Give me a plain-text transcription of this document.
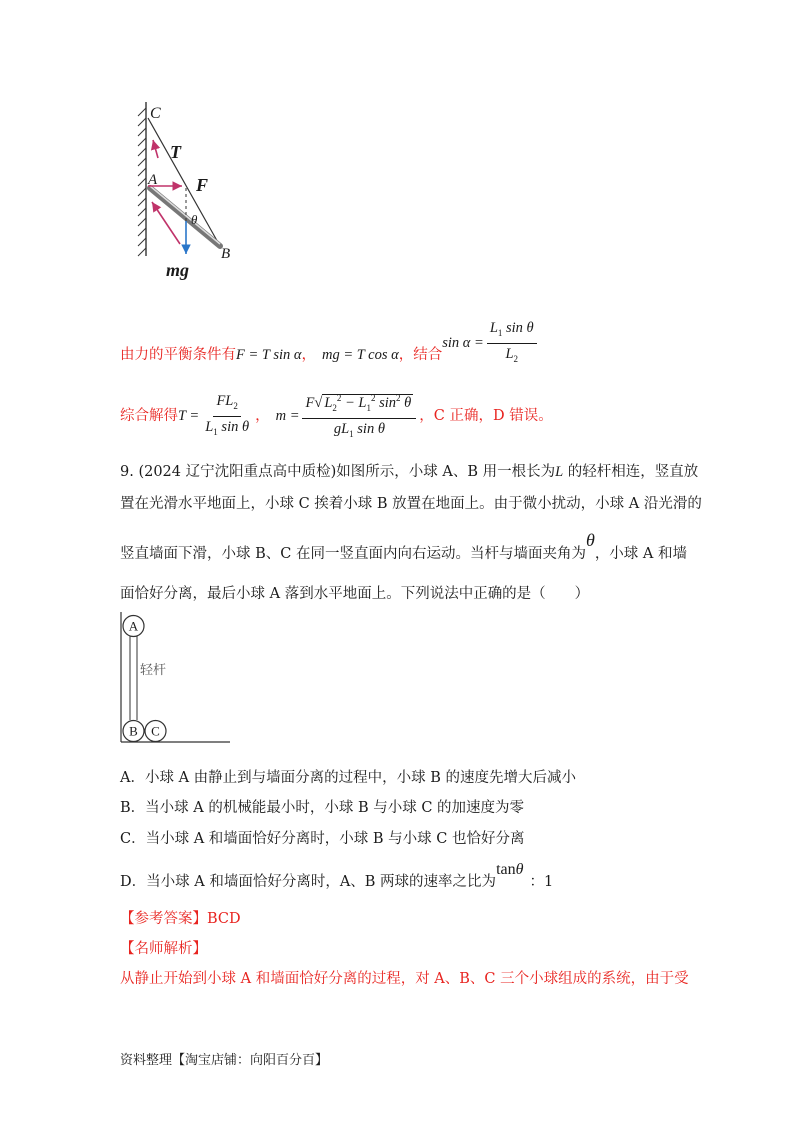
C
T
A F
θ
B
mg
由力的平衡条件有 F = T sin α ， mg = T cos α ，结合
$\sin \alpha = \frac{L_1 \sin \theta}{L_2}$
综合解得 $T = \frac{FL_2}{L_1 \sin \theta}$ ， $m = \frac{F√ L_2^2 - L_1^2 \sin^2 \theta}{gL_1 \sin \theta}$ ，C 正确，D 错误。
9. (2024 辽宁沈阳重点高中质检)如图所示，小球 A、B 用一根长为L 的轻杆相连，竖直放
置在光滑水平地面上，小球 C 挨着小球 B 放置在地面上。由于微小扰动，小球 A 沿光滑的
竖直墙面下滑，小球 B、C 在同一竖直面内向右运动。当杆与墙面夹角为θ，小球 A 和墙
面恰好分离，最后小球 A 落到水平地面上。下列说法中正确的是（　　）
A
B C
轻杆
A．小球 A 由静止到与墙面分离的过程中，小球 B 的速度先增大后减小
B．当小球 A 的机械能最小时，小球 B 与小球 C 的加速度为零
C．当小球 A 和墙面恰好分离时，小球 B 与小球 C 也恰好分离
D．当小球 A 和墙面恰好分离时，A、B 两球的速率之比为tanθ：1
【参考答案】BCD
【名师解析】
从静止开始到小球 A 和墙面恰好分离的过程，对 A、B、C 三个小球组成的系统，由于受
资料整理【淘宝店铺：向阳百分百】
